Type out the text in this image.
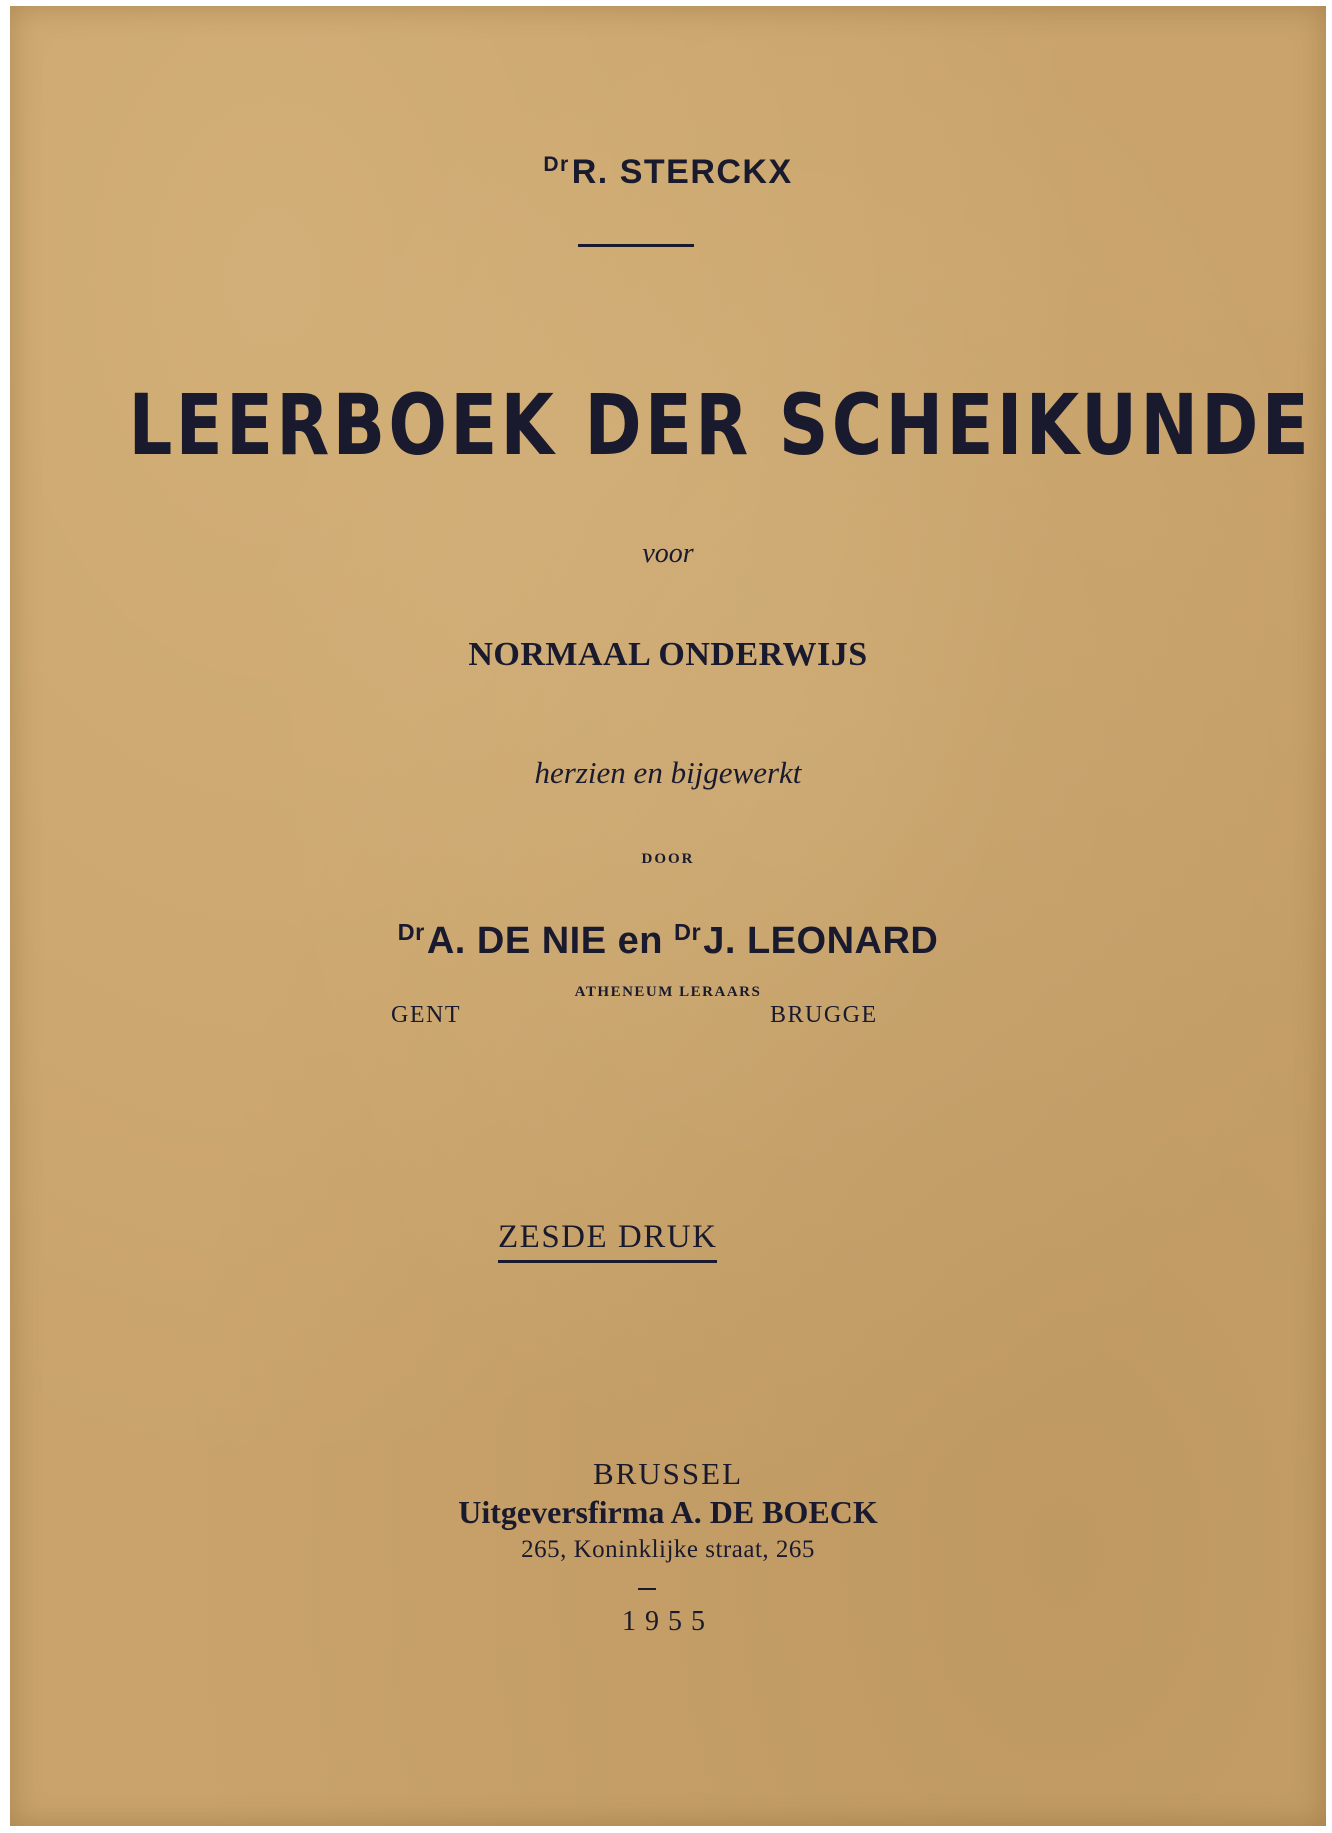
$^{Dr}$R. STERCKX
LEERBOEK DER SCHEIKUNDE
voor
NORMAAL ONDERWIJS
herzien en bijgewerkt
DOOR
$^{Dr}$A. DE NIE en $^{Dr}$J. LEONARD
ATHENEUM LERAARS
GENT	BRUGGE
ZESDE DRUK
BRUSSEL
Uitgeversfirma A. DE BOECK
265, Koninklijke straat, 265
1955
